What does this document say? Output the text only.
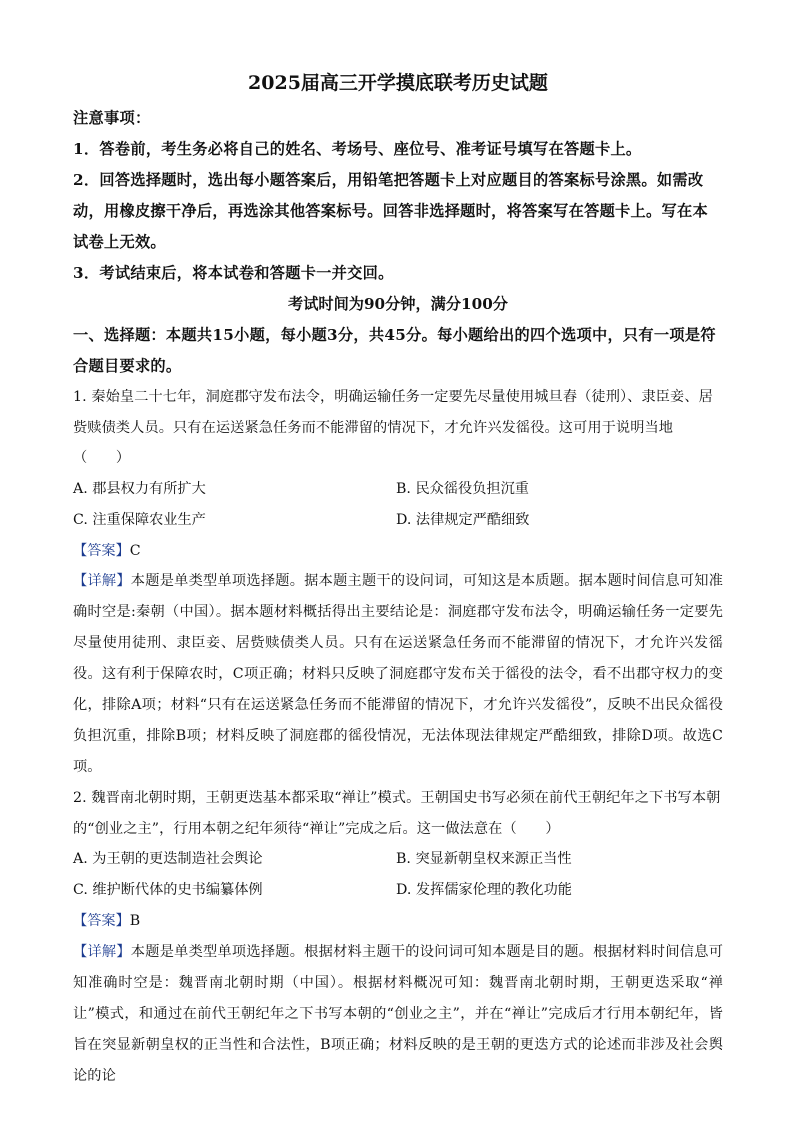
2025届高三开学摸底联考历史试题
注意事项：
1．答卷前，考生务必将自己的姓名、考场号、座位号、准考证号填写在答题卡上。
2．回答选择题时，选出每小题答案后，用铅笔把答题卡上对应题目的答案标号涂黑。如需改动，用橡皮擦干净后，再选涂其他答案标号。回答非选择题时，将答案写在答题卡上。写在本试卷上无效。
3．考试结束后，将本试卷和答题卡一并交回。
考试时间为90分钟，满分100分
一、选择题：本题共15小题，每小题3分，共45分。每小题给出的四个选项中，只有一项是符合题目要求的。
1. 秦始皇二十七年，洞庭郡守发布法令，明确运输任务一定要先尽量使用城旦舂（徒刑）、隶臣妾、居赀赎债类人员。只有在运送紧急任务而不能滞留的情况下，才允许兴发徭役。这可用于说明当地（　　）
A. 郡县权力有所扩大	B. 民众徭役负担沉重
C. 注重保障农业生产	D. 法律规定严酷细致
【答案】C
【详解】本题是单类型单项选择题。据本题主题干的设问词，可知这是本质题。据本题时间信息可知准确时空是:秦朝（中国）。据本题材料概括得出主要结论是：洞庭郡守发布法令，明确运输任务一定要先尽量使用徒刑、隶臣妾、居赀赎债类人员。只有在运送紧急任务而不能滞留的情况下，才允许兴发徭役。这有利于保障农时，C项正确；材料只反映了洞庭郡守发布关于徭役的法令，看不出郡守权力的变化，排除A项；材料“只有在运送紧急任务而不能滞留的情况下，才允许兴发徭役”，反映不出民众徭役负担沉重，排除B项；材料反映了洞庭郡的徭役情况，无法体现法律规定严酷细致，排除D项。故选C项。
2. 魏晋南北朝时期，王朝更迭基本都采取“禅让”模式。王朝国史书写必须在前代王朝纪年之下书写本朝的“创业之主”，行用本朝之纪年须待“禅让”完成之后。这一做法意在（　　）
A. 为王朝的更迭制造社会舆论	B. 突显新朝皇权来源正当性
C. 维护断代体的史书编纂体例	D. 发挥儒家伦理的教化功能
【答案】B
【详解】本题是单类型单项选择题。根据材料主题干的设问词可知本题是目的题。根据材料时间信息可知准确时空是：魏晋南北朝时期（中国）。根据材料概况可知：魏晋南北朝时期，王朝更迭采取“禅让”模式，和通过在前代王朝纪年之下书写本朝的“创业之主”，并在“禅让”完成后才行用本朝纪年，皆旨在突显新朝皇权的正当性和合法性，B项正确；材料反映的是王朝的更迭方式的论述而非涉及社会舆论的论
